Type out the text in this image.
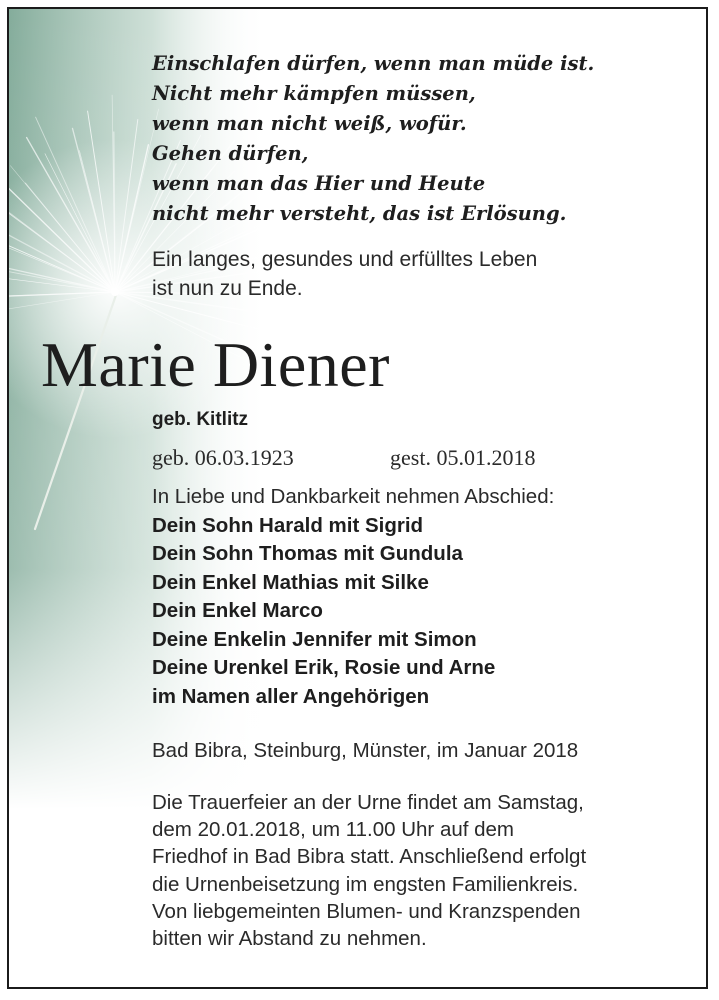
Einschlafen dürfen, wenn man müde ist.
Nicht mehr kämpfen müssen,
wenn man nicht weiß, wofür.
Gehen dürfen,
wenn man das Hier und Heute
nicht mehr versteht, das ist Erlösung.
Ein langes, gesundes und erfülltes Leben
ist nun zu Ende.
Marie Diener
geb. Kitlitz
geb. 06.03.1923	gest. 05.01.2018
In Liebe und Dankbarkeit nehmen Abschied:
Dein Sohn Harald mit Sigrid
Dein Sohn Thomas mit Gundula
Dein Enkel Mathias mit Silke
Dein Enkel Marco
Deine Enkelin Jennifer mit Simon
Deine Urenkel Erik, Rosie und Arne
im Namen aller Angehörigen
Bad Bibra, Steinburg, Münster, im Januar 2018
Die Trauerfeier an der Urne findet am Samstag,
dem 20.01.2018, um 11.00 Uhr auf dem
Friedhof in Bad Bibra statt. Anschließend erfolgt
die Urnenbeisetzung im engsten Familienkreis.
Von liebgemeinten Blumen- und Kranzspenden
bitten wir Abstand zu nehmen.
